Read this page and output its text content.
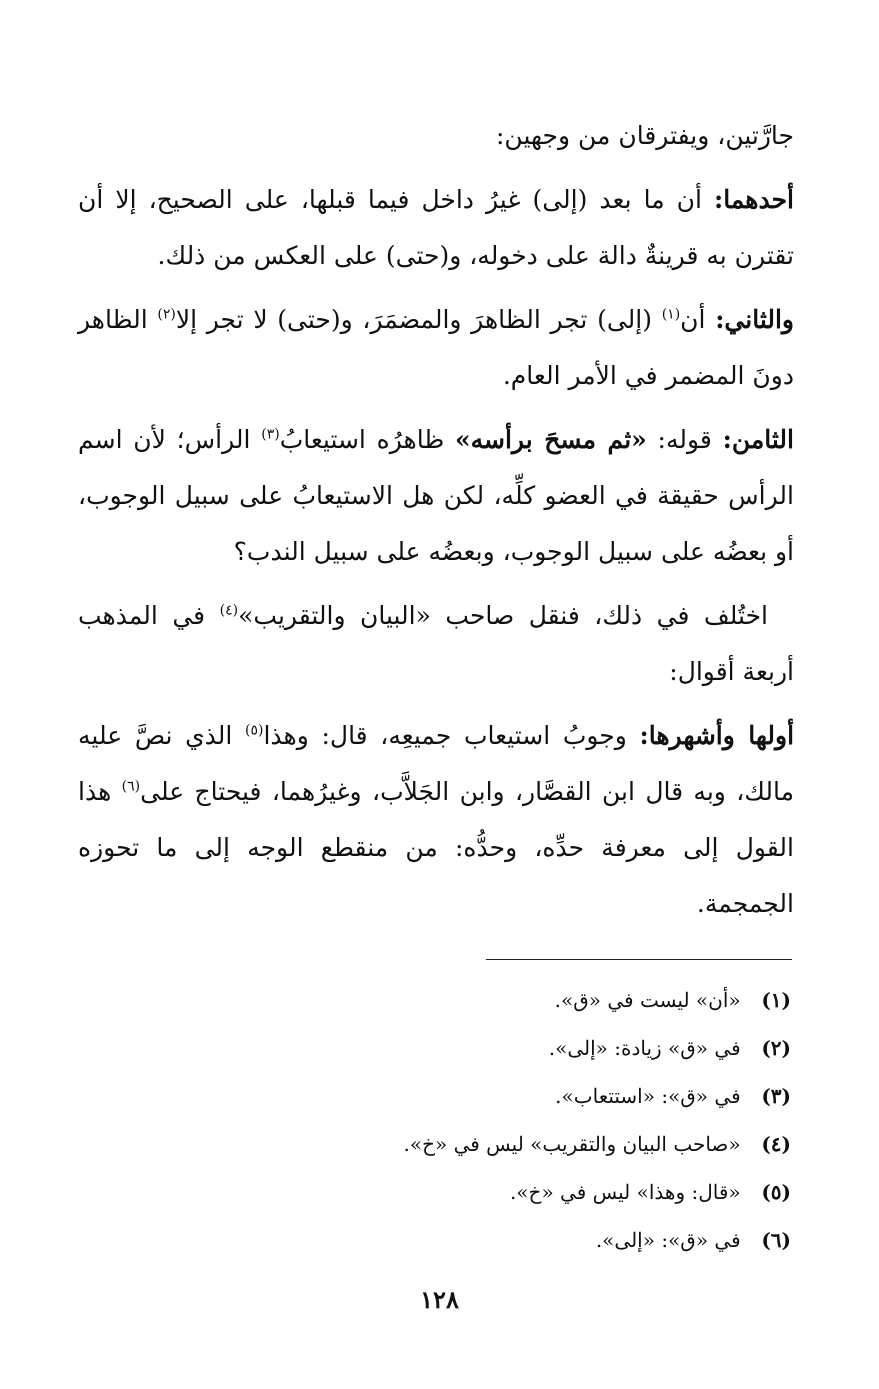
جارَّتين، ويفترقان من وجهين:

أحدهما: أن ما بعد (إلى) غيرُ داخل فيما قبلها، على الصحيح، إلا أن تقترن به قرينةٌ دالة على دخوله، و(حتى) على العكس من ذلك.

والثاني: أن$^{(١)}$ (إلى) تجر الظاهرَ والمضمَرَ، و(حتى) لا تجر إلا$^{(٢)}$ الظاهر دونَ المضمر في الأمر العام.

الثامن: قوله: «ثم مسحَ برأسه» ظاهرُه استيعابُ$^{(٣)}$ الرأس؛ لأن اسم الرأس حقيقة في العضو كلِّه، لكن هل الاستيعابُ على سبيل الوجوب، أو بعضُه على سبيل الوجوب، وبعضُه على سبيل الندب؟

اختُلف في ذلك، فنقل صاحب «البيان والتقريب»$^{(٤)}$ في المذهب أربعة أقوال:

أولها وأشهرها: وجوبُ استيعاب جميعِه، قال: وهذا$^{(٥)}$ الذي نصَّ عليه مالك، وبه قال ابن القصَّار، وابن الجَلاَّب، وغيرُهما، فيحتاج على$^{(٦)}$ هذا القول إلى معرفة حدِّه، وحدُّه: من منقطع الوجه إلى ما تحوزه الجمجمة.

(١) «أن» ليست في «ق».
(٢) في «ق» زيادة: «إلى».
(٣) في «ق»: «استتعاب».
(٤) «صاحب البيان والتقريب» ليس في «خ».
(٥) «قال: وهذا» ليس في «خ».
(٦) في «ق»: «إلى».
١٢٨
